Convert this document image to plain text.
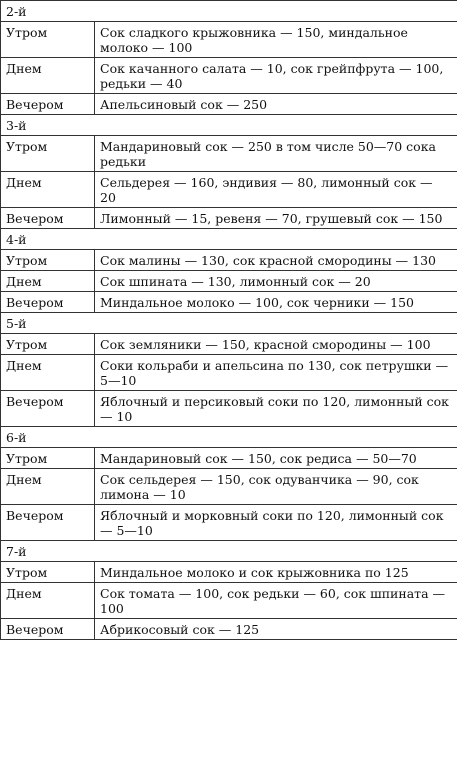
2-й	
Утром	Сок сладкого крыжовника — 150, миндальное молоко — 100
Днем	Сок качанного салата — 10, сок грейпфрута — 100, редьки — 40
Вечером	Апельсиновый сок — 250
3-й	
Утром	Мандариновый сок — 250 в том числе 50—70 сока редьки
Днем	Сельдерея — 160, эндивия — 80, лимонный сок — 20
Вечером	Лимонный — 15, ревеня — 70, грушевый сок — 150
4-й	
Утром	Сок малины — 130, сок красной смородины — 130
Днем	Сок шпината — 130, лимонный сок — 20
Вечером	Миндальное молоко — 100, сок черники — 150
5-й	
Утром	Сок земляники — 150, красной смородины — 100
Днем	Соки кольраби и апельсина по 130, сок петрушки — 5—10
Вечером	Яблочный и персиковый соки по 120, лимонный сок — 10
6-й	
Утром	Мандариновый сок — 150, сок редиса — 50—70
Днем	Сок сельдерея — 150, сок одуванчика — 90, сок лимона — 10
Вечером	Яблочный и морковный соки по 120, лимонный сок — 5—10
7-й	
Утром	Миндальное молоко и сок крыжовника по 125
Днем	Сок томата — 100, сок редьки — 60, сок шпината — 100
Вечером	Абрикосовый сок — 125
